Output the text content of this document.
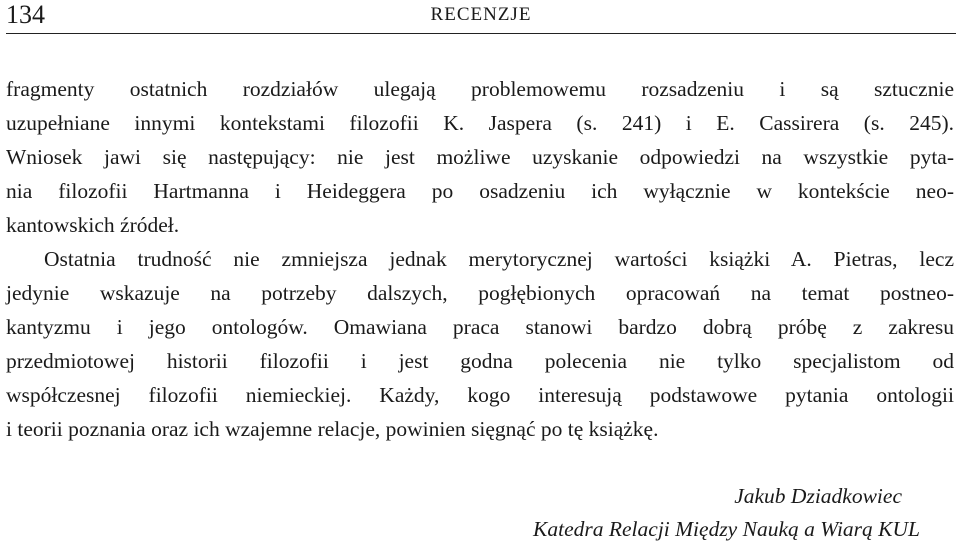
134	RECENZJE

fragmenty ostatnich rozdziałów ulegają problemowemu rozsadzeniu i są sztucznie
uzupełniane innymi kontekstami filozofii K. Jaspera (s. 241) i E. Cassirera (s. 245).
Wniosek jawi się następujący: nie jest możliwe uzyskanie odpowiedzi na wszystkie pyta-
nia filozofii Hartmanna i Heideggera po osadzeniu ich wyłącznie w kontekście neo-
kantowskich źródeł.

Ostatnia trudność nie zmniejsza jednak merytorycznej wartości książki A. Pietras, lecz
jedynie wskazuje na potrzeby dalszych, pogłębionych opracowań na temat postneo-
kantyzmu i jego ontologów. Omawiana praca stanowi bardzo dobrą próbę z zakresu
przedmiotowej historii filozofii i jest godna polecenia nie tylko specjalistom od
współczesnej filozofii niemieckiej. Każdy, kogo interesują podstawowe pytania ontologii
i teorii poznania oraz ich wzajemne relacje, powinien sięgnąć po tę książkę.

Jakub Dziadkowiec
Katedra Relacji Między Nauką a Wiarą KUL
